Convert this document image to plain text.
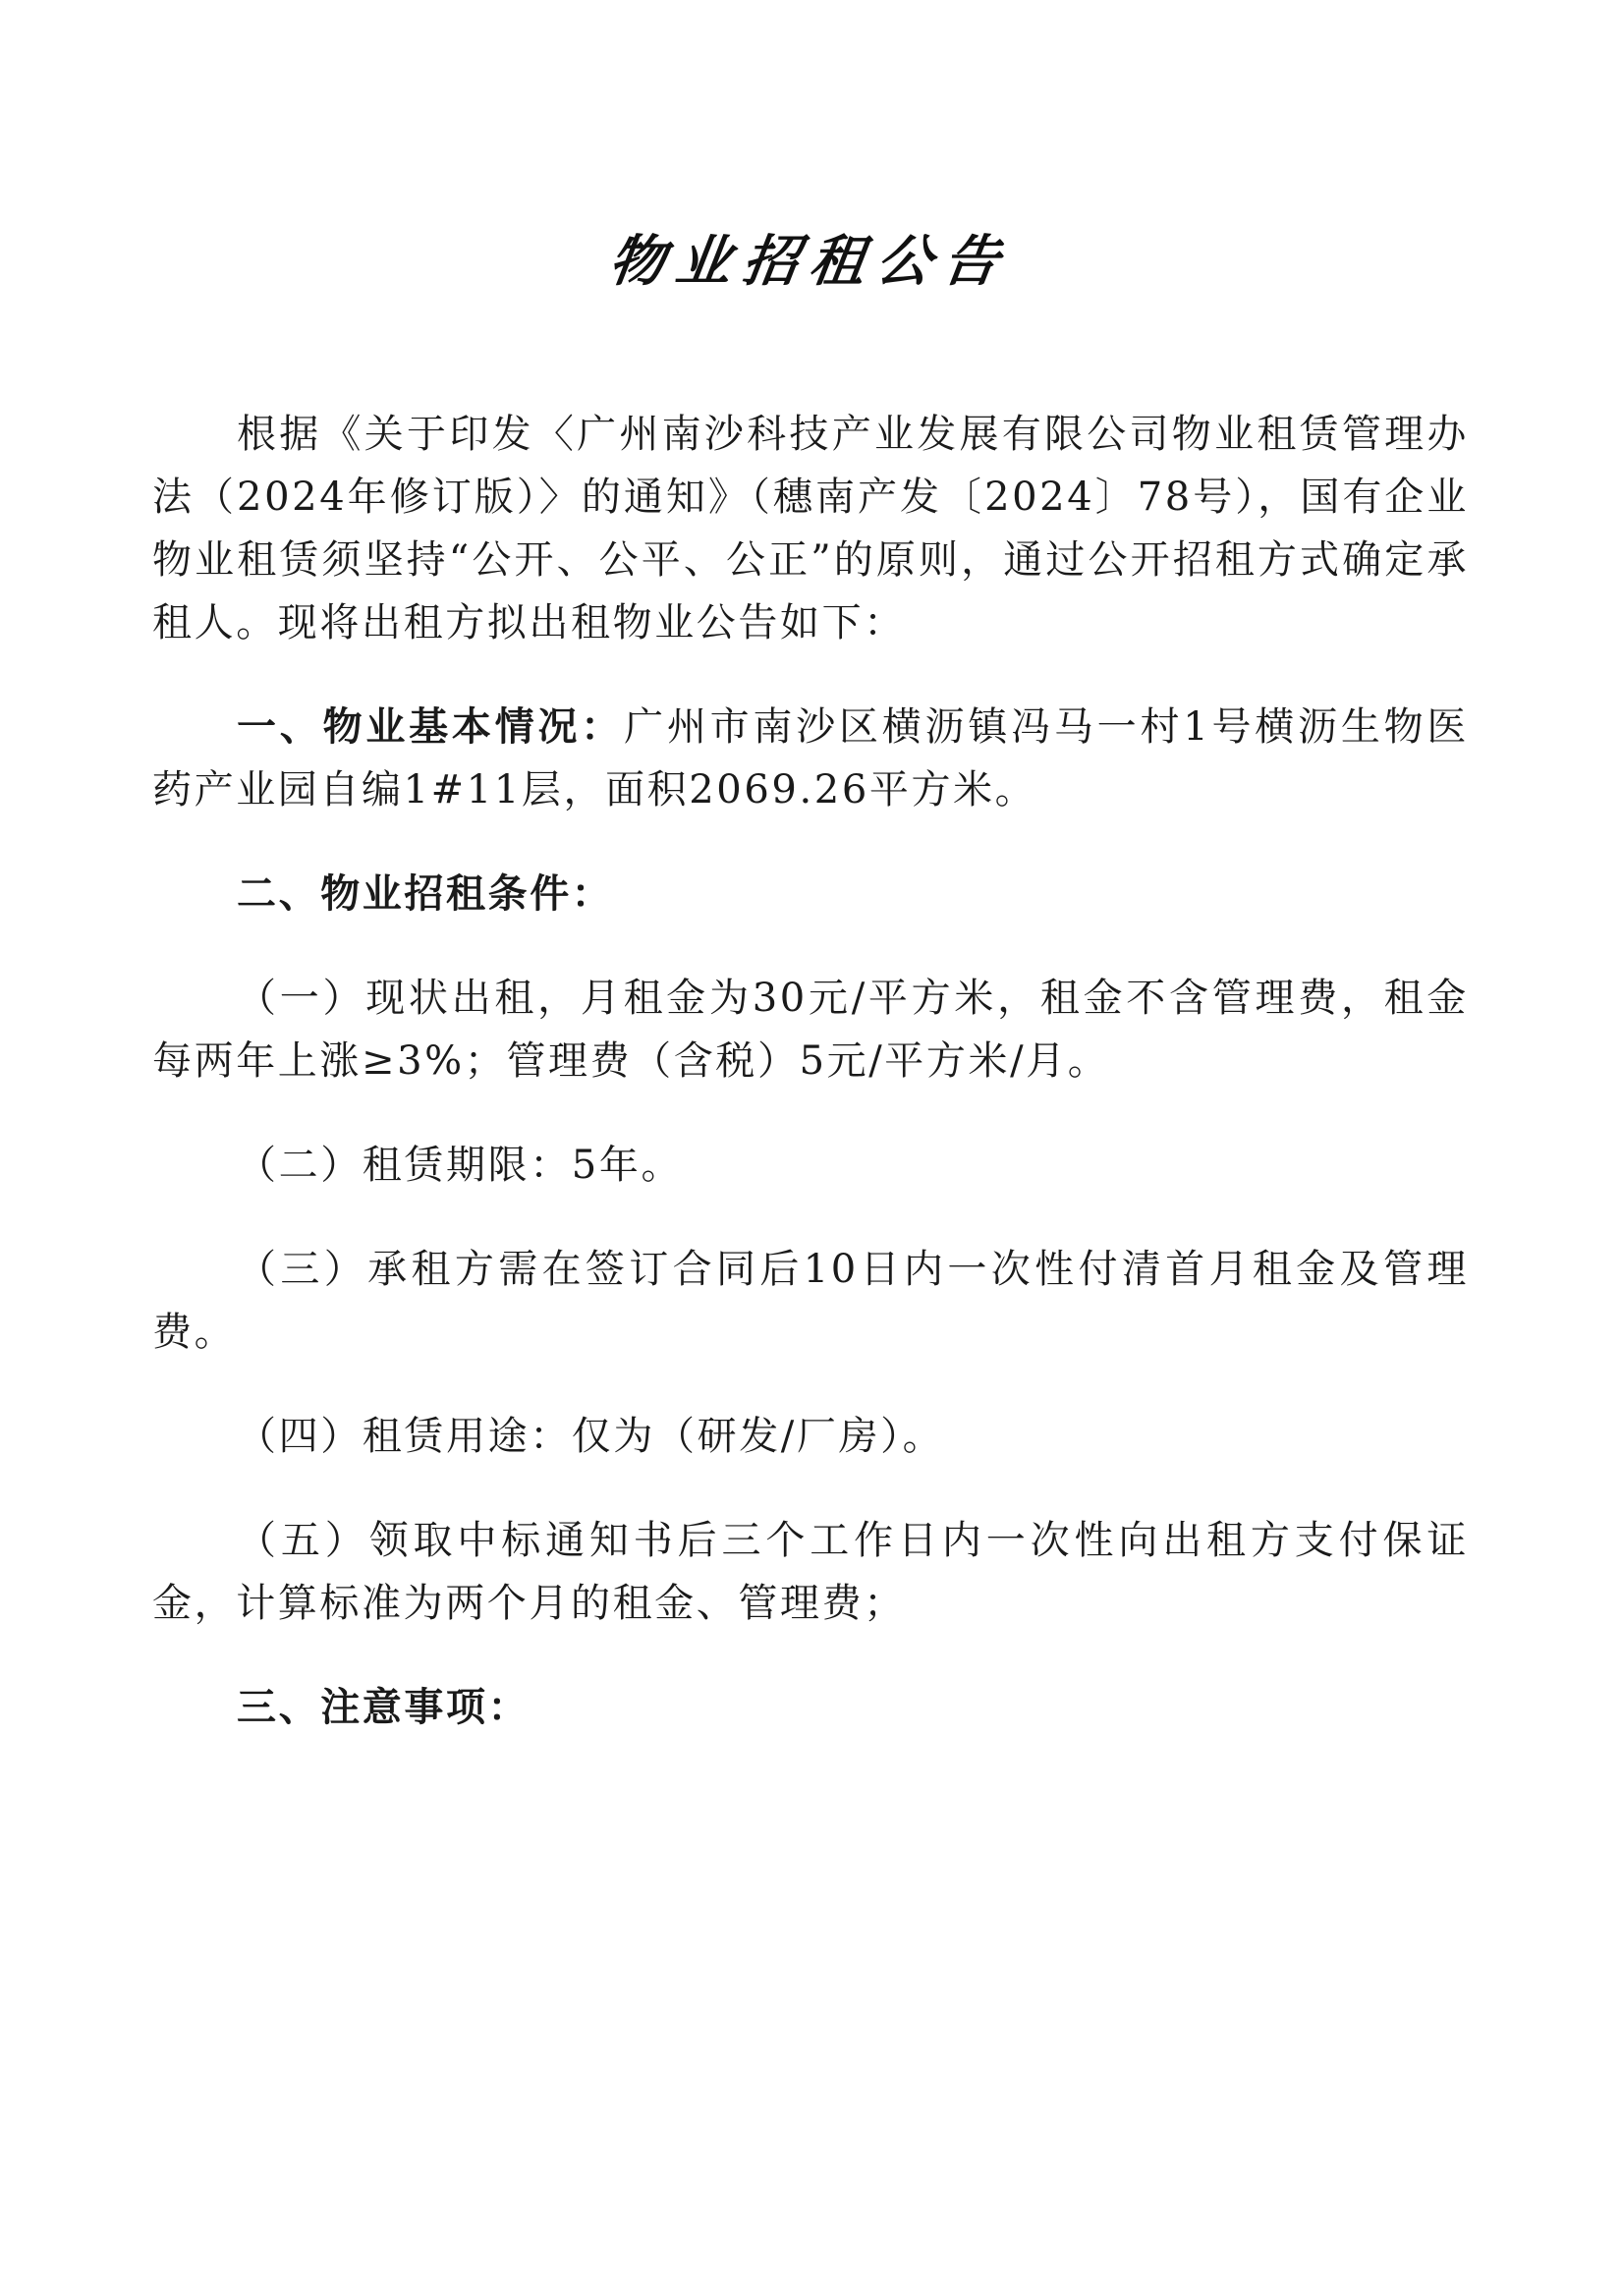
物业招租公告

根据《关于印发〈广州南沙科技产业发展有限公司物业租赁管理办法（2024年修订版）〉的通知》（穗南产发〔2024〕78号），国有企业物业租赁须坚持“公开、公平、公正”的原则，通过公开招租方式确定承租人。现将出租方拟出租物业公告如下：

一、物业基本情况：广州市南沙区横沥镇冯马一村1号横沥生物医药产业园自编1#11层，面积2069.26平方米。

二、物业招租条件：

（一）现状出租，月租金为30元/平方米，租金不含管理费，租金每两年上涨≥3%；管理费（含税）5元/平方米/月。

（二）租赁期限：5年。

（三）承租方需在签订合同后10日内一次性付清首月租金及管理费。

（四）租赁用途：仅为（研发/厂房）。

（五）领取中标通知书后三个工作日内一次性向出租方支付保证金，计算标准为两个月的租金、管理费；

三、注意事项：
